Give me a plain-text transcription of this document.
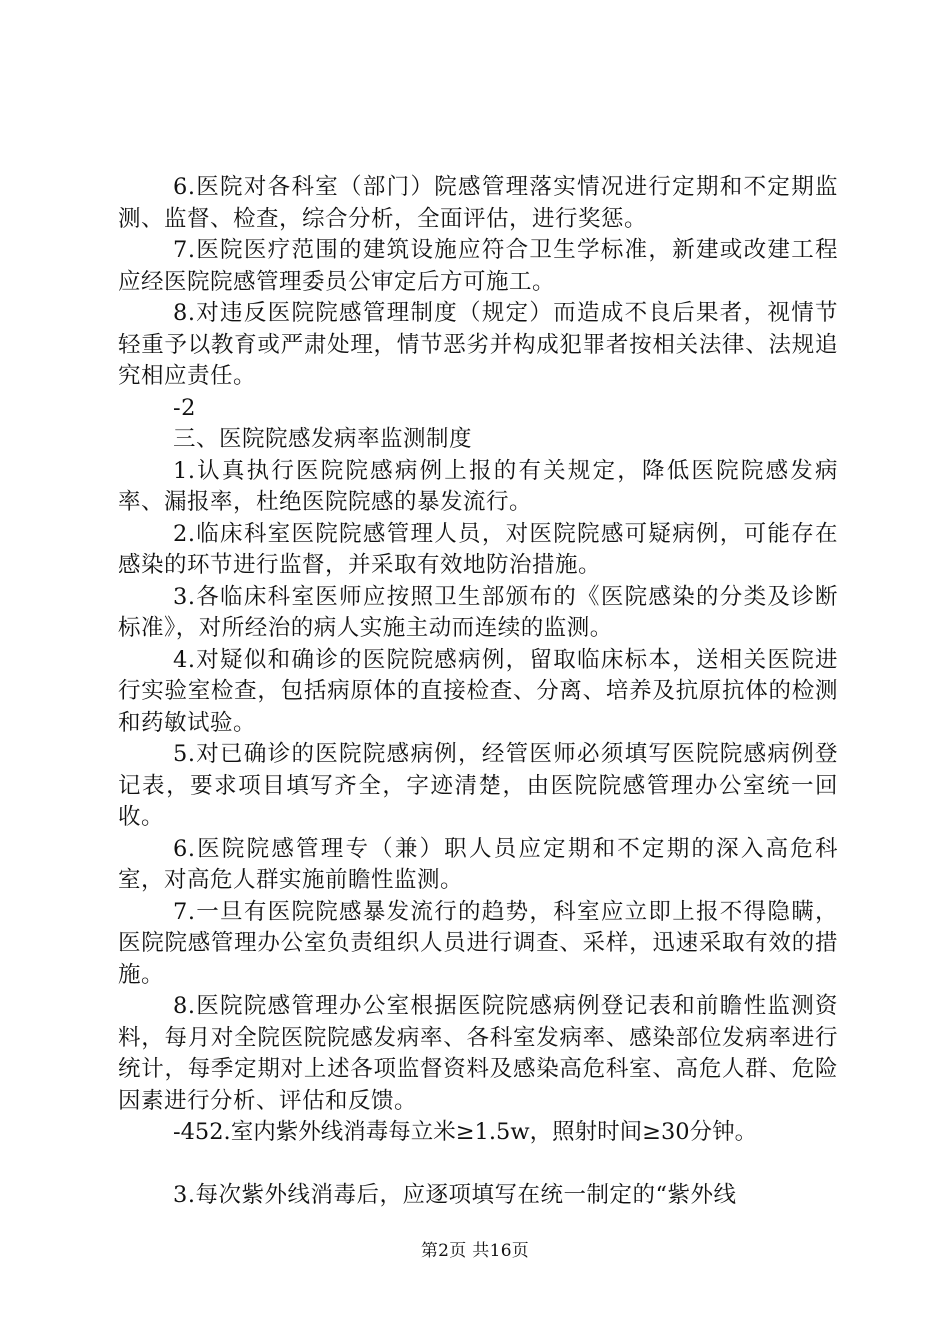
6.医院对各科室（部门）院感管理落实情况进行定期和不定期监测、监督、检查，综合分析，全面评估，进行奖惩。

7.医院医疗范围的建筑设施应符合卫生学标准，新建或改建工程应经医院院感管理委员公审定后方可施工。

8.对违反医院院感管理制度（规定）而造成不良后果者，视情节轻重予以教育或严肃处理，情节恶劣并构成犯罪者按相关法律、法规追究相应责任。

-2

三、医院院感发病率监测制度

1.认真执行医院院感病例上报的有关规定，降低医院院感发病率、漏报率，杜绝医院院感的暴发流行。

2.临床科室医院院感管理人员，对医院院感可疑病例，可能存在感染的环节进行监督，并采取有效地防治措施。

3.各临床科室医师应按照卫生部颁布的《医院感染的分类及诊断标准》，对所经治的病人实施主动而连续的监测。

4.对疑似和确诊的医院院感病例，留取临床标本，送相关医院进行实验室检查，包括病原体的直接检查、分离、培养及抗原抗体的检测和药敏试验。

5.对已确诊的医院院感病例，经管医师必须填写医院院感病例登记表，要求项目填写齐全，字迹清楚，由医院院感管理办公室统一回收。

6.医院院感管理专（兼）职人员应定期和不定期的深入高危科室，对高危人群实施前瞻性监测。

7.一旦有医院院感暴发流行的趋势，科室应立即上报不得隐瞒，医院院感管理办公室负责组织人员进行调查、采样，迅速采取有效的措施。

8.医院院感管理办公室根据医院院感病例登记表和前瞻性监测资料，每月对全院医院院感发病率、各科室发病率、感染部位发病率进行统计，每季定期对上述各项监督资料及感染高危科室、高危人群、危险因素进行分析、评估和反馈。

-452.室内紫外线消毒每立米≥1.5w，照射时间≥30分钟。

3.每次紫外线消毒后，应逐项填写在统一制定的“紫外线

第2页 共16页
